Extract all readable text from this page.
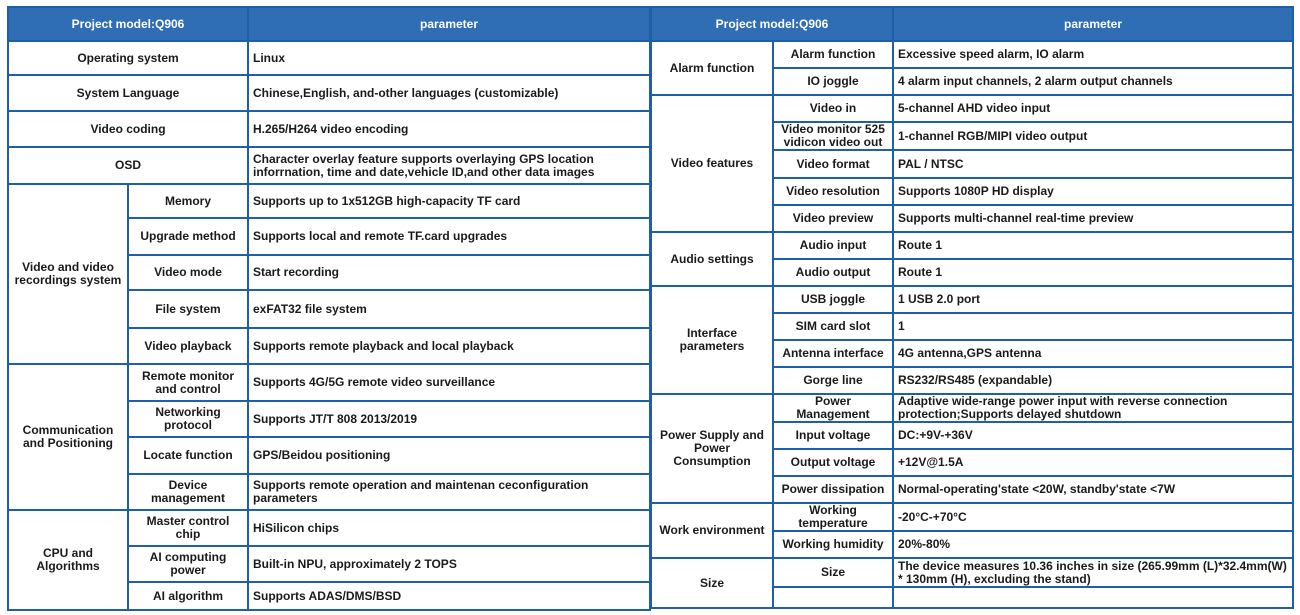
Project model:Q906		parameter
Operating system		Linux
System Language		Chinese,English, and-other languages (customizable)
Video coding		H.265/H264 video encoding
OSD		Character overlay feature supports overlaying GPS location inforrnation, time and date,vehicle ID,and other data images
Video and video recordings system	Memory	Supports up to 1x512GB high-capacity TF card
	Upgrade method	Supports local and remote TF.card upgrades
	Video mode	Start recording
	File system	exFAT32 file system
	Video playback	Supports remote playback and local playback
Communication and Positioning	Remote monitor and control	Supports 4G/5G remote video surveillance
	Networking protocol	Supports JT/T 808 2013/2019
	Locate function	GPS/Beidou positioning
	Device management	Supports remote operation and maintenan ceconfiguration parameters
CPU and Algorithms	Master control chip	HiSilicon chips
	AI computing power	Built-in NPU, approximately 2 TOPS
	AI algorithm	Supports ADAS/DMS/BSD
Project model:Q906		parameter
Alarm function	Alarm function	Excessive speed alarm, IO alarm
	IO joggle	4 alarm input channels, 2 alarm output channels
Video features	Video in	5-channel AHD video input
	Video monitor 525 vidicon video out	1-channel RGB/MIPI video output
	Video format	PAL / NTSC
	Video resolution	Supports 1080P HD display
	Video preview	Supports multi-channel real-time preview
Audio settings	Audio input	Route 1
	Audio output	Route 1
Interface parameters	USB joggle	1 USB 2.0 port
	SIM card slot	1
	Antenna interface	4G antenna,GPS antenna
	Gorge line	RS232/RS485 (expandable)
Power Supply and Power Consumption	Power Management	Adaptive wide-range power input with reverse connection protection;Supports delayed shutdown
	Input voltage	DC:+9V-+36V
	Output voltage	+12V@1.5A
	Power dissipation	Normal-operating'state <20W, standby'state <7W
Work environment	Working temperature	-20°C-+70°C
	Working humidity	20%-80%
Size	Size	The device measures 10.36 inches in size (265.99mm (L)*32.4mm(W) * 130mm (H), excluding the stand)
